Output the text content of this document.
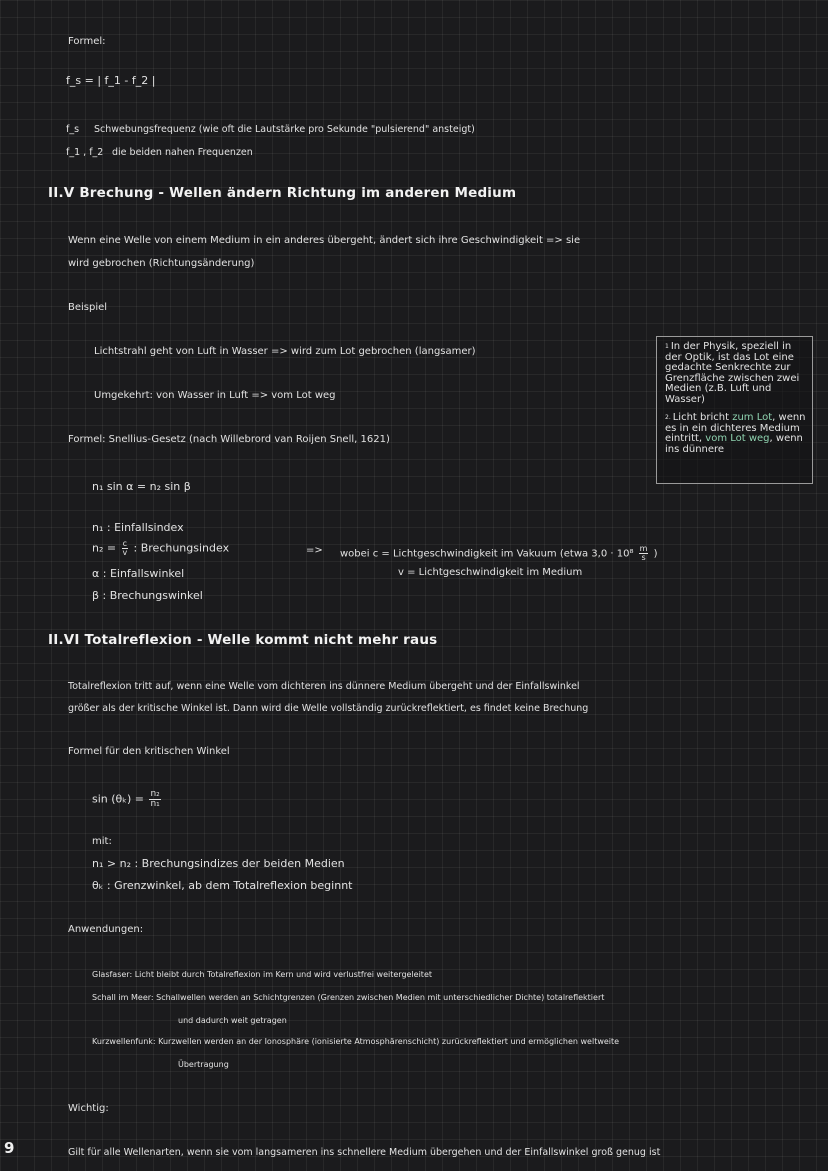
Formel:
f_s = | f_1 - f_2 |
f_s Schwebungsfrequenz (wie oft die Lautstärke pro Sekunde "pulsierend" ansteigt)
f_1 , f_2 die beiden nahen Frequenzen
II.V Brechung - Wellen ändern Richtung im anderen Medium
Wenn eine Welle von einem Medium in ein anderes übergeht, ändert sich ihre Geschwindigkeit => sie
wird gebrochen (Richtungsänderung)
Beispiel
Lichtstrahl geht von Luft in Wasser => wird zum Lot gebrochen (langsamer)
Umgekehrt: von Wasser in Luft => vom Lot weg
Formel: Snellius-Gesetz (nach Willebrord van Roijen Snell, 1621)
n₁ sin α = n₂ sin β
n₁ : Einfallsindex
$n_2 = \frac{c}{v}$ : Brechungsindex
α : Einfallswinkel
β : Brechungswinkel
=> wobei c = Lichtgeschwindigkeit im Vakuum (etwa $3,0 \cdot 10^8 \frac{m}{s}$ )
v = Lichtgeschwindigkeit im Medium
$^1$ In der Physik, speziell in der Optik, ist das Lot eine gedachte Senkrechte zur Grenzfläche zwischen zwei Medien (z.B. Luft und Wasser)
$^{2.}$ Licht bricht zum Lot, wenn es in ein dichteres Medium eintritt, vom Lot weg, wenn ins dünnere
II.VI Totalreflexion - Welle kommt nicht mehr raus
Totalreflexion tritt auf, wenn eine Welle vom dichteren ins dünnere Medium übergeht und der Einfallswinkel
größer als der kritische Winkel ist. Dann wird die Welle vollständig zurückreflektiert, es findet keine Brechung
Formel für den kritischen Winkel
$\sin (\theta_k) = \frac{\text{n₂}}{\text{n₁}}$
mit:
n₁ > n₂ : Brechungsindizes der beiden Medien
θₖ : Grenzwinkel, ab dem Totalreflexion beginnt
Anwendungen:
Glasfaser: Licht bleibt durch Totalreflexion im Kern und wird verlustfrei weitergeleitet
Schall im Meer: Schallwellen werden an Schichtgrenzen (Grenzen zwischen Medien mit unterschiedlicher Dichte) totalreflektiert
und dadurch weit getragen
Kurzwellenfunk: Kurzwellen werden an der Ionosphäre (ionisierte Atmosphärenschicht) zurückreflektiert und ermöglichen weltweite
Übertragung
Wichtig:
Gilt für alle Wellenarten, wenn sie vom langsameren ins schnellere Medium übergehen und der Einfallswinkel groß genug ist
9
